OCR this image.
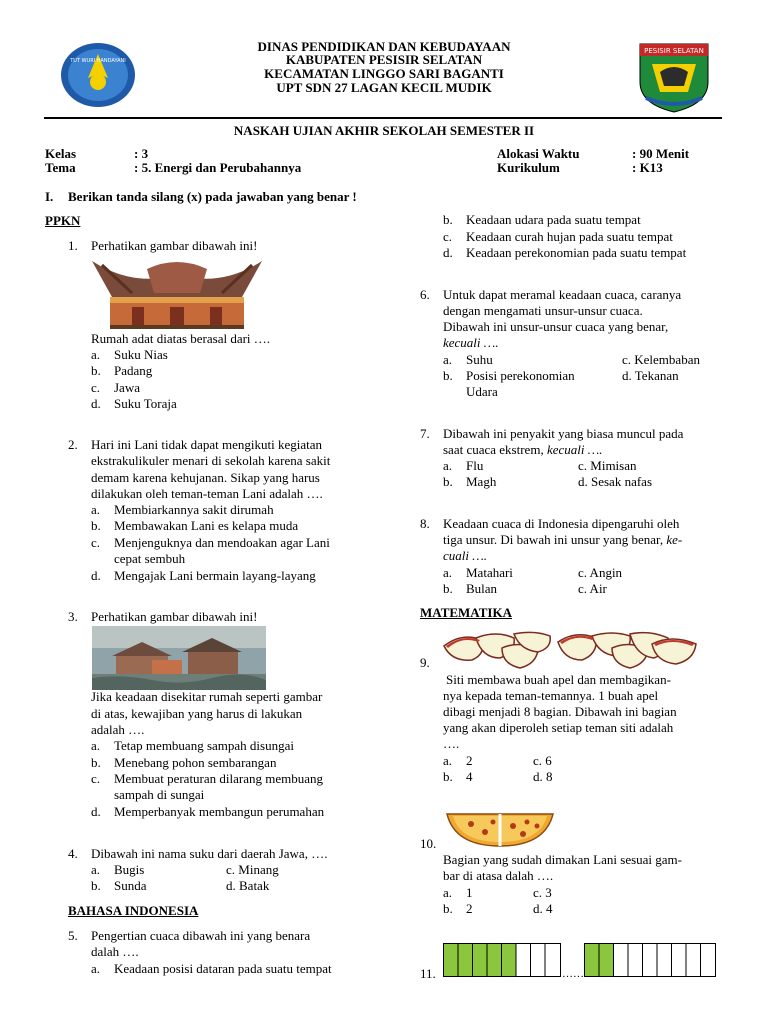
TUT WURI HANDAYANI
DINAS PENDIDIKAN DAN KEBUDAYAAN
KABUPATEN PESISIR SELATAN
KECAMATAN LINGGO SARI BAGANTI
UPT SDN 27 LAGAN KECIL MUDIK
PESISIR SELATAN
NASKAH UJIAN AKHIR SEKOLAH SEMESTER II
Kelas	: 3
Tema	: 5. Energi dan Perubahannya
Alokasi Waktu	: 90 Menit
Kurikulum	: K13
I. Berikan tanda silang (x) pada jawaban yang benar !
PPKN
1. Perhatikan gambar dibawah ini!
Rumah adat diatas berasal dari ….
a. Suku Nias
b. Padang
c. Jawa
d. Suku Toraja
2. Hari ini Lani tidak dapat mengikuti kegiatan
ekstrakulikuler menari di sekolah karena sakit
demam karena kehujanan. Sikap yang harus
dilakukan oleh teman-teman Lani adalah ….
a. Membiarkannya sakit dirumah
b. Membawakan Lani es kelapa muda
c. Menjenguknya dan mendoakan agar Lani
cepat sembuh
d. Mengajak Lani bermain layang-layang
3. Perhatikan gambar dibawah ini!
Jika keadaan disekitar rumah seperti gambar
di atas, kewajiban yang harus di lakukan
adalah ….
a. Tetap membuang sampah disungai
b. Menebang pohon sembarangan
c. Membuat peraturan dilarang membuang
sampah di sungai
d. Memperbanyak membangun perumahan
4. Dibawah ini nama suku dari daerah Jawa, ….
a. Bugis
b. Sunda
c. Minang
d. Batak
BAHASA INDONESIA
5. Pengertian cuaca dibawah ini yang benara
dalah ….
a. Keadaan posisi dataran pada suatu tempat
b. Keadaan udara pada suatu tempat
c. Keadaan curah hujan pada suatu tempat
d. Keadaan perekonomian pada suatu tempat
6. Untuk dapat meramal keadaan cuaca, caranya
dengan mengamati unsur-unsur cuaca.
Dibawah ini unsur-unsur cuaca yang benar,
kecuali ….
a. Suhu
b. Posisi perekonomian
Udara
c. Kelembaban
d. Tekanan
7. Dibawah ini penyakit yang biasa muncul pada
saat cuaca ekstrem, kecuali ….
a. Flu
b. Magh
c. Mimisan
d. Sesak nafas
8. Keadaan cuaca di Indonesia dipengaruhi oleh
tiga unsur. Di bawah ini unsur yang benar, ke-
cuali ….
a. Matahari
b. Bulan
c. Angin
c. Air
MATEMATIKA
9.
Siti membawa buah apel dan membagikan-
nya kepada teman-temannya. 1 buah apel
dibagi menjadi 8 bagian. Dibawah ini bagian
yang akan diperoleh setiap teman siti adalah
….
a. 2
b. 4
c. 6
d. 8
10.
Bagian yang sudah dimakan Lani sesuai gam-
bar di atasa dalah ….
a. 1
b. 2
c. 3
d. 4
11.	……
